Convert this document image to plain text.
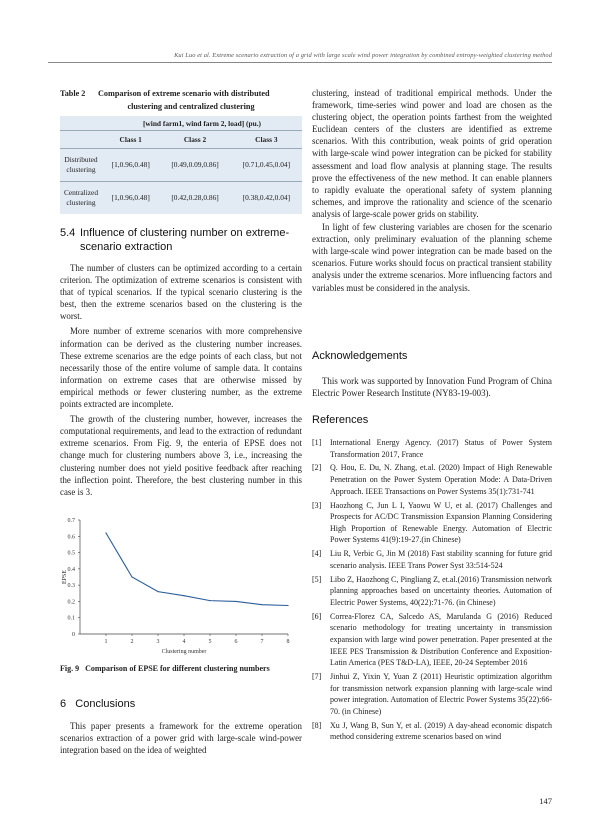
Kui Luo et al. Extreme scenario extraction of a grid with large scale wind power integration by combined entropy-weighted clustering method
Table 2 Comparison of extreme scenario with distributed
clustering and centralized clustering
	[wind farm1, wind farm 2, load] (pu.)		
	Class 1	Class 2	Class 3
Distributed
clustering	[1,0.96,0.48]	[0.49,0.09,0.86]	[0.71,0.45,0.04]
Centralized
clustering	[1,0.96,0.48]	[0.42,0.28,0.86]	[0.38,0.42,0.04]
5.4 Influence of clustering number on extreme-
scenario extraction

The number of clusters can be optimized according to a certain criterion. The optimization of extreme scenarios is consistent with that of typical scenarios. If the typical scenario clustering is the best, then the extreme scenarios based on the clustering is the worst.

More number of extreme scenarios with more comprehensive information can be derived as the clustering number increases. These extreme scenarios are the edge points of each class, but not necessarily those of the entire volume of sample data. It contains information on extreme cases that are otherwise missed by empirical methods or fewer clustering number, as the extreme points extracted are incomplete.

The growth of the clustering number, however, increases the computational requirements, and lead to the extraction of redundant extreme scenarios. From Fig. 9, the enteria of EPSE does not change much for clustering numbers above 3, i.e., increasing the clustering number does not yield positive feedback after reaching the inflection point. Therefore, the best clustering number in this case is 3.

0
0.1
0.2
0.3
0.4
0.5
0.6
0.7
1	2	3	4	5	6	7	8
Clustering number
EPSE
Fig. 9 Comparison of EPSE for different clustering numbers
6 Conclusions

This paper presents a framework for the extreme operation scenarios extraction of a power grid with large-scale wind-power integration based on the idea of weighted

clustering, instead of traditional empirical methods. Under the framework, time-series wind power and load are chosen as the clustering object, the operation points farthest from the weighted Euclidean centers of the clusters are identified as extreme scenarios. With this contribution, weak points of grid operation with large-scale wind power integration can be picked for stability assessment and load flow analysis at planning stage. The results prove the effectiveness of the new method. It can enable planners to rapidly evaluate the operational safety of system planning schemes, and improve the rationality and science of the scenario analysis of large-scale power grids on stability.

In light of few clustering variables are chosen for the scenario extraction, only preliminary evaluation of the planning scheme with large-scale wind power integration can be made based on the scenarios. Future works should focus on practical transient stability analysis under the extreme scenarios. More influencing factors and variables must be considered in the analysis.

Acknowledgements

This work was supported by Innovation Fund Program of China Electric Power Research Institute (NY83-19-003).

References
[1] International Energy Agency. (2017) Status of Power System Transformation 2017, France
[2] Q. Hou, E. Du, N. Zhang, et.al. (2020) Impact of High Renewable Penetration on the Power System Operation Mode: A Data-Driven Approach. IEEE Transactions on Power Systems 35(1):731-741
[3] Haozhong C, Jun L I, Yaowu W U, et al. (2017) Challenges and Prospects for AC/DC Transmission Expansion Planning Considering High Proportion of Renewable Energy. Automation of Electric Power Systems 41(9):19-27.(in Chinese)
[4] Liu R, Verbic G, Jin M (2018) Fast stability scanning for future grid scenario analysis. IEEE Trans Power Syst 33:514-524
[5] Libo Z, Haozhong C, Pingliang Z, et.al.(2016) Transmission network planning approaches based on uncertainty theories. Automation of Electric Power Systems, 40(22):71-76. (in Chinese)
[6] Correa-Florez CA, Salcedo AS, Marulanda G (2016) Reduced scenario methodology for treating uncertainty in transmission expansion with large wind power penetration. Paper presented at the IEEE PES Transmission & Distribution Conference and Exposition-Latin America (PES T&D-LA), IEEE, 20-24 September 2016
[7] Jinhui Z, Yixin Y, Yuan Z (2011) Heuristic optimization algorithm for transmission network expansion planning with large-scale wind power integration. Automation of Electric Power Systems 35(22):66-70. (in Chinese)
[8] Xu J, Wang B, Sun Y, et al. (2019) A day-ahead economic dispatch method considering extreme scenarios based on wind
147
